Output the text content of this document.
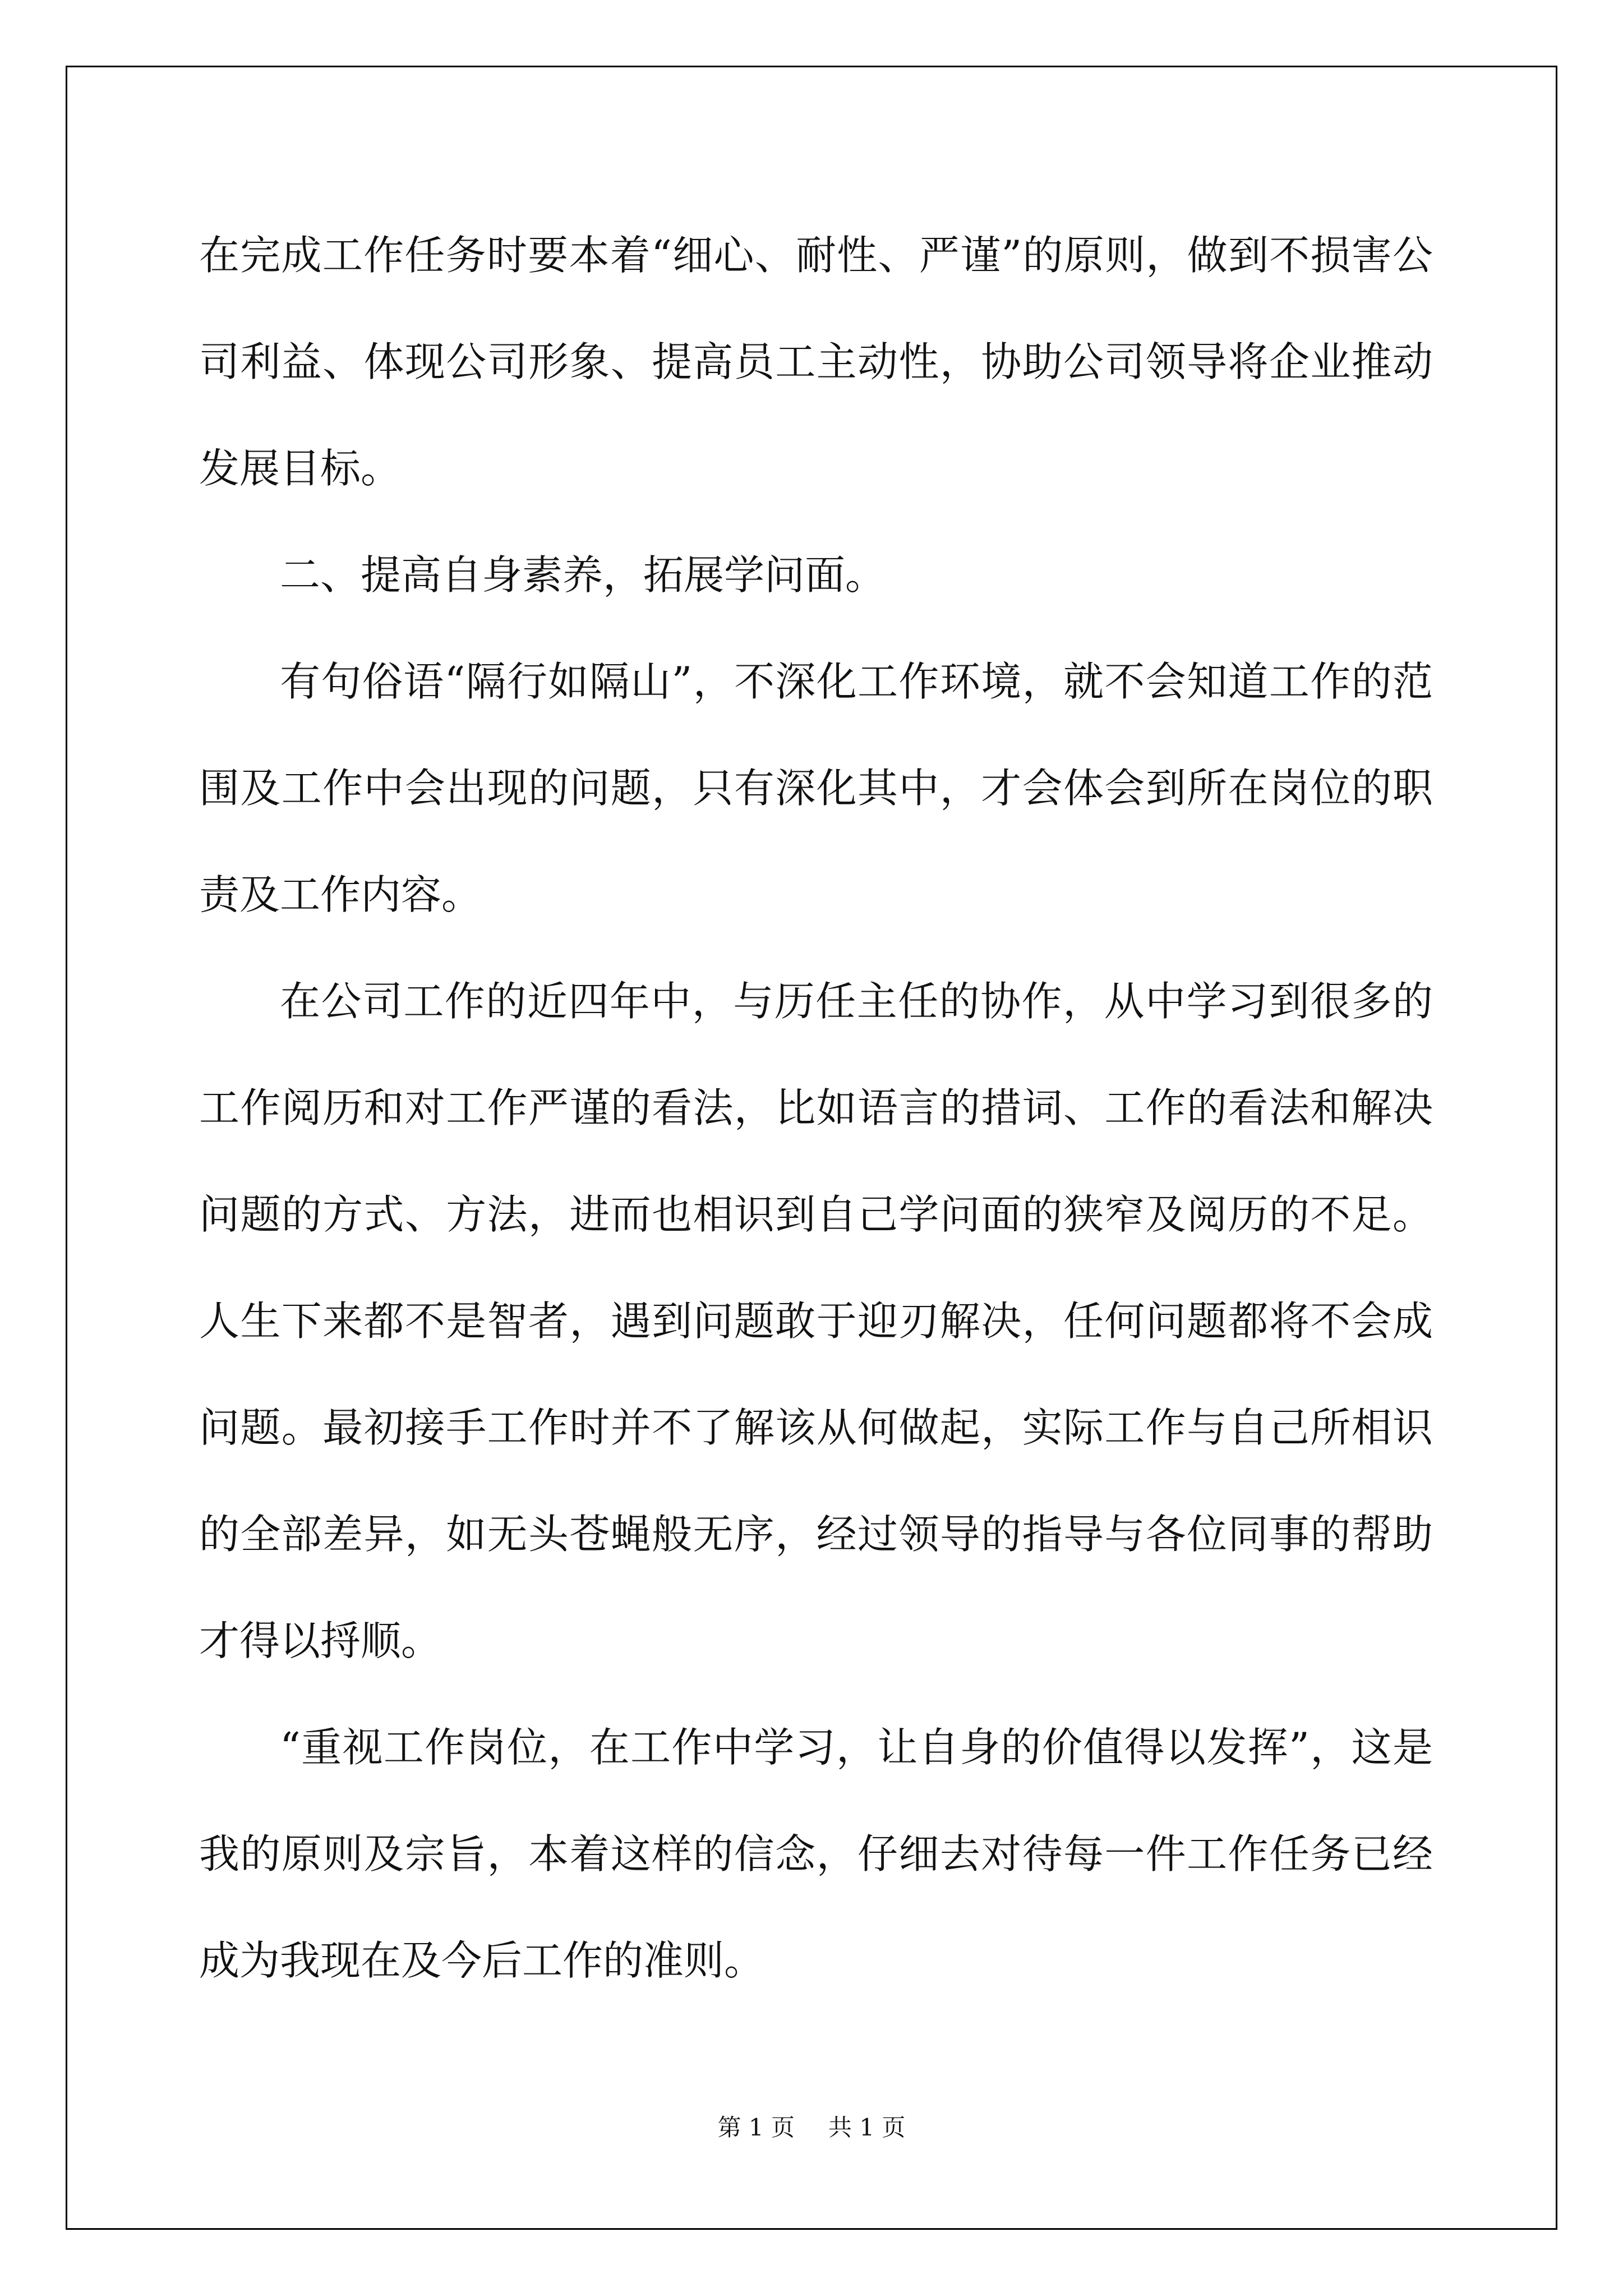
在完成工作任务时要本着“细心、耐性、严谨”的原则，做到不损害公司利益、体现公司形象、提高员工主动性，协助公司领导将企业推动发展目标。

二、提高自身素养，拓展学问面。

有句俗语“隔行如隔山”，不深化工作环境，就不会知道工作的范围及工作中会出现的问题，只有深化其中，才会体会到所在岗位的职责及工作内容。

在公司工作的近四年中，与历任主任的协作，从中学习到很多的工作阅历和对工作严谨的看法，比如语言的措词、工作的看法和解决问题的方式、方法，进而也相识到自己学问面的狭窄及阅历的不足。人生下来都不是智者，遇到问题敢于迎刃解决，任何问题都将不会成问题。最初接手工作时并不了解该从何做起，实际工作与自己所相识的全部差异，如无头苍蝇般无序，经过领导的指导与各位同事的帮助才得以捋顺。

“重视工作岗位，在工作中学习，让自身的价值得以发挥”，这是我的原则及宗旨，本着这样的信念，仔细去对待每一件工作任务已经成为我现在及今后工作的准则。

第 1 页 共 1 页
